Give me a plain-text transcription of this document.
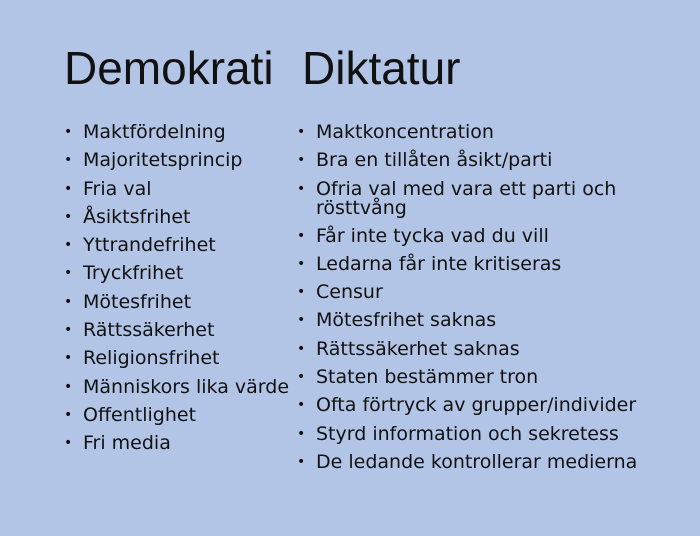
Demokrati Diktatur
• Maktfördelning
• Majoritetsprincip
• Fria val
• Åsiktsfrihet
• Yttrandefrihet
• Tryckfrihet
• Mötesfrihet
• Rättssäkerhet
• Religionsfrihet
• Människors lika värde
• Offentlighet
• Fri media
• Maktkoncentration
• Bra en tillåten åsikt/parti
• Ofria val med vara ett parti och rösttvång
• Får inte tycka vad du vill
• Ledarna får inte kritiseras
• Censur
• Mötesfrihet saknas
• Rättssäkerhet saknas
• Staten bestämmer tron
• Ofta förtryck av grupper/individer
• Styrd information och sekretess
• De ledande kontrollerar medierna
